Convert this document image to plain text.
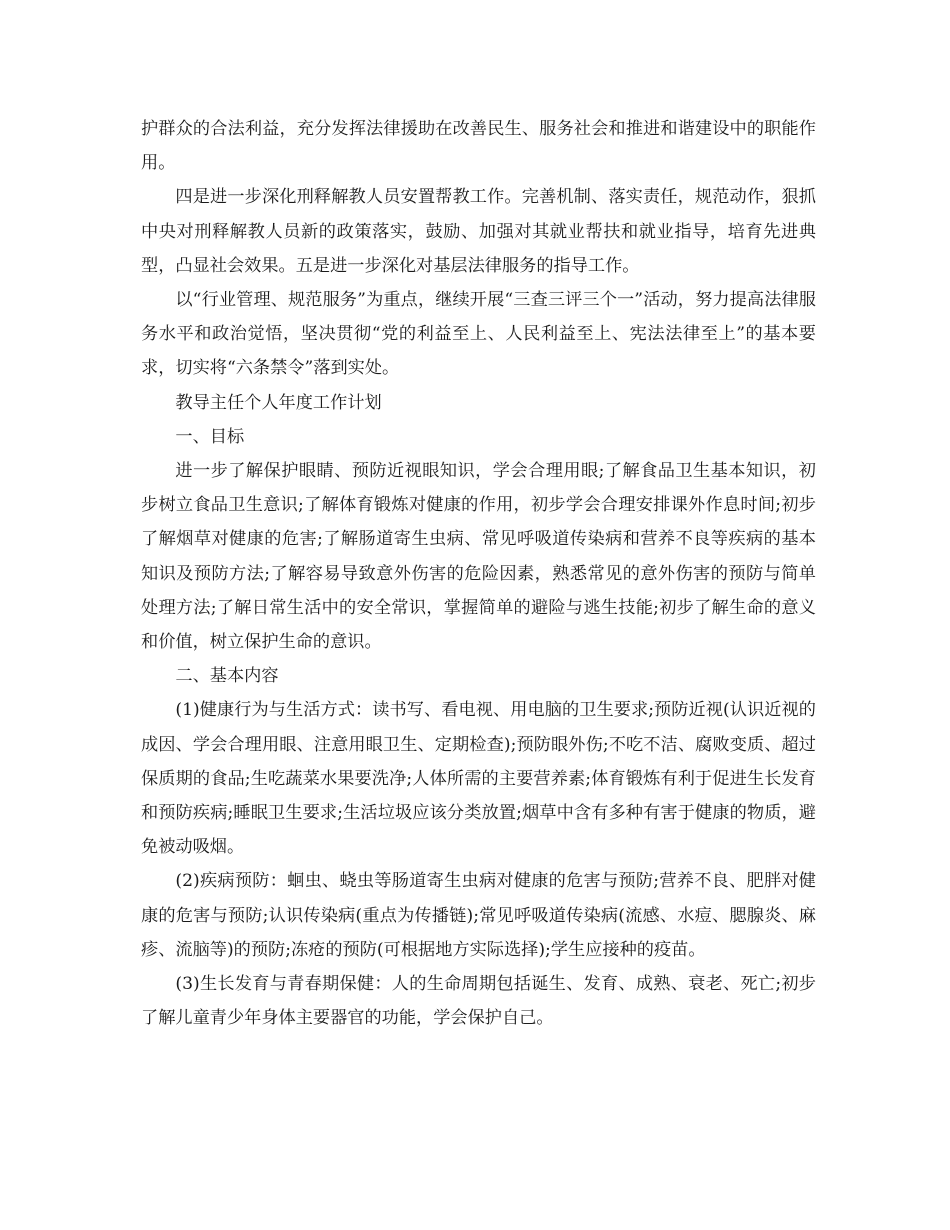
护群众的合法利益，充分发挥法律援助在改善民生、服务社会和推进和谐建设中的职能作用。

四是进一步深化刑释解教人员安置帮教工作。完善机制、落实责任，规范动作，狠抓中央对刑释解教人员新的政策落实，鼓励、加强对其就业帮扶和就业指导，培育先进典型，凸显社会效果。五是进一步深化对基层法律服务的指导工作。

以“行业管理、规范服务”为重点，继续开展“三查三评三个一”活动，努力提高法律服务水平和政治觉悟，坚决贯彻“党的利益至上、人民利益至上、宪法法律至上”的基本要求，切实将“六条禁令”落到实处。

教导主任个人年度工作计划

一、目标

进一步了解保护眼睛、预防近视眼知识，学会合理用眼;了解食品卫生基本知识，初步树立食品卫生意识;了解体育锻炼对健康的作用，初步学会合理安排课外作息时间;初步了解烟草对健康的危害;了解肠道寄生虫病、常见呼吸道传染病和营养不良等疾病的基本知识及预防方法;了解容易导致意外伤害的危险因素，熟悉常见的意外伤害的预防与简单处理方法;了解日常生活中的安全常识，掌握简单的避险与逃生技能;初步了解生命的意义和价值，树立保护生命的意识。

二、基本内容

(1)健康行为与生活方式：读书写、看电视、用电脑的卫生要求;预防近视(认识近视的成因、学会合理用眼、注意用眼卫生、定期检查);预防眼外伤;不吃不洁、腐败变质、超过保质期的食品;生吃蔬菜水果要洗净;人体所需的主要营养素;体育锻炼有利于促进生长发育和预防疾病;睡眠卫生要求;生活垃圾应该分类放置;烟草中含有多种有害于健康的物质，避免被动吸烟。

(2)疾病预防：蛔虫、蛲虫等肠道寄生虫病对健康的危害与预防;营养不良、肥胖对健康的危害与预防;认识传染病(重点为传播链);常见呼吸道传染病(流感、水痘、腮腺炎、麻疹、流脑等)的预防;冻疮的预防(可根据地方实际选择);学生应接种的疫苗。

(3)生长发育与青春期保健：人的生命周期包括诞生、发育、成熟、衰老、死亡;初步了解儿童青少年身体主要器官的功能，学会保护自己。
